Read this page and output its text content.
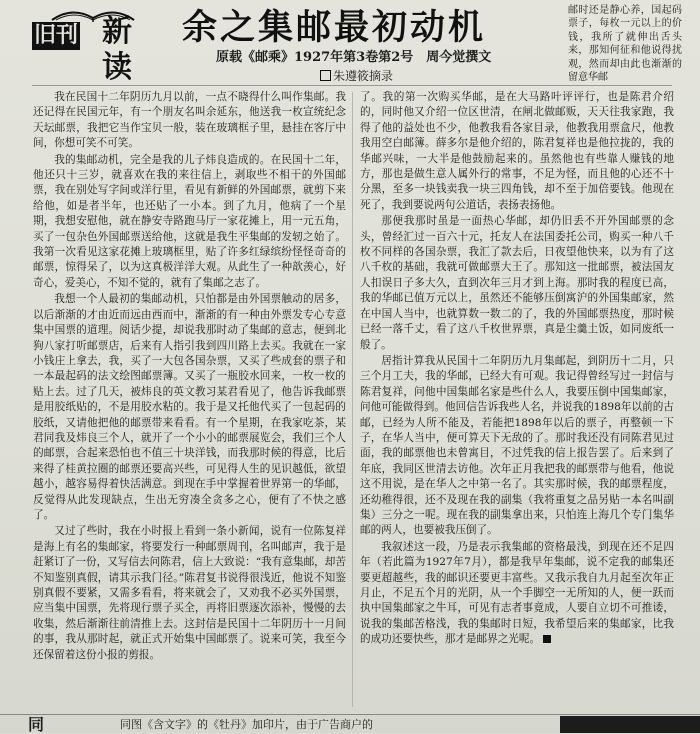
旧刊 新读
余之集邮最初动机
原载《邮乘》1927年第3卷第2号　周今觉撰文
朱遵筱摘录

邮时还是静心养，国起码票子，每枚一元以上的价钱，我所了就伸出舌头来，那知何征和他说得扰观，然而却由此也渐渐的留意华邮

我在民国十二年阴历九月以前，一点不晓得什么叫作集邮。我还记得在民国元年，有一个朋友名叫余延东，他送我一枚宣统纪念天坛邮票，我把它当作宝贝一般，装在玻璃框子里，悬挂在客厅中间，你想可笑不可笑。

我的集邮动机，完全是我的儿子炜良造成的。在民国十二年，他还只十三岁，就喜欢在我的来往信上，剥取些不相干的外国邮票，我在别处写字间或洋行里，看见有新鲜的外国邮票，就剪下来给他，如是者半年，也还贴了一小本。到了九月，他病了一个星期，我想安慰他，就在静安寺路跑马厅一家花摊上，用一元五角，买了一包杂色外国邮票送给他，这就是我生平集邮的发轫之始了。我第一次看见这家花摊上玻璃框里，贴了许多红绿缤纷怪怪奇奇的邮票，惊得呆了，以为这真极洋洋大观。从此生了一种歆羡心，好奇心，爱美心，不知不觉的，就有了集邮之志了。

我想一个人最初的集邮动机，只怕都是由外国票触动的居多，以后渐渐的才由近而远由西而中，渐渐的有一种由外票发专心专意集中国票的道理。阅话少提，却说我那时动了集邮的意志，便到北狗八家打听邮票店，后来有人指引我到四川路上去买。我就在一家小钱庄上拿去，我，买了一大包各国杂票，又买了些成套的票子和一本最起码的法文绘图邮票簿。又买了一瓶胶水回来，一枚一枚的贴上去。过了几天，被炜良的英文教习某君看见了，他告诉我邮票是用胶纸贴的，不是用胶水粘的。我于是又托他代买了一包起码的胶纸，又请他把他的邮票带来看看。有一个星期，在我家吃茶，某君同我及炜良三个人，就开了一个小小的邮票展览会，我们三个人的邮票，合起来恐怕也不值三十块洋钱，而我那时候的得意，比后来得了桂黄拉圈的邮票还要高兴些，可见得人生的见识越低，欲望越小，越容易得着快活满意。到现在手中掌握着世界第一的华邮，反觉得从此发现缺点，生出无穷凑全贪多之心，便有了不快之感了。

又过了些时，我在小时报上看到一条小新闻，说有一位陈复祥是海上有名的集邮家，将要发行一种邮票周刊，名叫邮声，我于是赶紧订了一份，又写信去问陈君，信上大致说：“我有意集邮，却苦不知鉴别真假，请其示我门径。”陈君复书说得很浅近，他说不知鉴别真假不要紧，又需多看看，将来就会了，又劝我不必买外国票，应当集中国票，先将现行票子买全，再将旧票逐次添补，慢慢的去收集，然后渐渐往前清推上去。这封信是民国十二年阴历十一月间的事，我从那时起，就正式开始集中国邮票了。说来可笑，我至今还保留着这份小报的剪报。

了。我的第一次购买华邮，是在大马路叶评评行，也是陈君介绍的，同时他又介绍一位区世清，在闸北做邮贩，天天往我家跑，我得了他的益处也不少，他教我看各家目录，他教我用票盒尺，他教我用空白邮簿。薛多尔是他介绍的，陈君复祥也是他拉拢的，我的华邮兴味，一大半是他鼓励起来的。虽然他也有些靠人赚钱的地方，那也是做生意人属外行的常事，不足为怪，而且他的心还不十分黑，至多一块钱卖我一块三四角钱，却不至于加倍要钱。他现在死了，我到要说两句公道话，表扬表扬他。

那便我那时虽是一面热心华邮，却仍旧丢不开外国邮票的念头，曾经汇过一百六十元，托友人在法国委托公司，购买一种八千枚不同样的各国杂票，我汇了款去后，日夜望他快来，以为有了这八千枚的基础，我就可做邮票大王了。那知这一批邮票，被法国友人扣误日子多大久，直到次年三月才到上海。那时我的程度已高，我的华邮已值万元以上，虽然还不能够压倒寓沪的外国集邮家，然在中国人当中，也就算数一数二的了，我的外国邮票热度，那时候已经一落千丈，看了这八千枚世界票，真是尘羹土饭，如同废纸一般了。

居指计算我从民国十二年阴历九月集邮起，到阴历十二月，只三个月工夫，我的华邮，已经大有可观。我记得曾经写过一封信与陈君复祥，问他中国集邮名家是些什么人，我要压倒中国集邮家，问他可能做得到。他回信告诉我些人名，并说我的1898年以前的古邮，已经为人所不能及，若能把1898年以后的票子，再整顿一下子，在华人当中，便可算天下无敌的了。那时我还没有同陈君见过面，我的邮票他也未曾寓目，不过凭我的信上报告罢了。后来到了年底，我同区世清去访他。次年正月我把我的邮票带与他看，他说这不用说，是在华人之中第一名了。其实那时候，我的邮票程度，还幼稚得很，还不及现在我的副集（我将重复之品另贴一本名叫副集）三分之一呢。现在我的副集拿出来，只怕连上海几个专门集华邮的两人，也要被我压倒了。

我叙述这一段，乃是表示我集邮的资格最浅，到现在还不足四年（若此篇为1927年7月），都是我早年集邮，说不定我的邮集还要更超越些，我的邮识还要更丰富些。又我示我自九月起至次年正月止，不足五个月的光阴，从一个手脚空一无所知的人，便一跃而执中国集邮家之牛耳，可见有志者事竟成，人要自立切不可推诿，说我的集邮苦格浅，我的集邮时日短，我希望后来的集邮家，比我的成功还要快些，那才是邮界之光呢。

同	同图《含文字》的《牡丹》加印片，由于广告商户的
